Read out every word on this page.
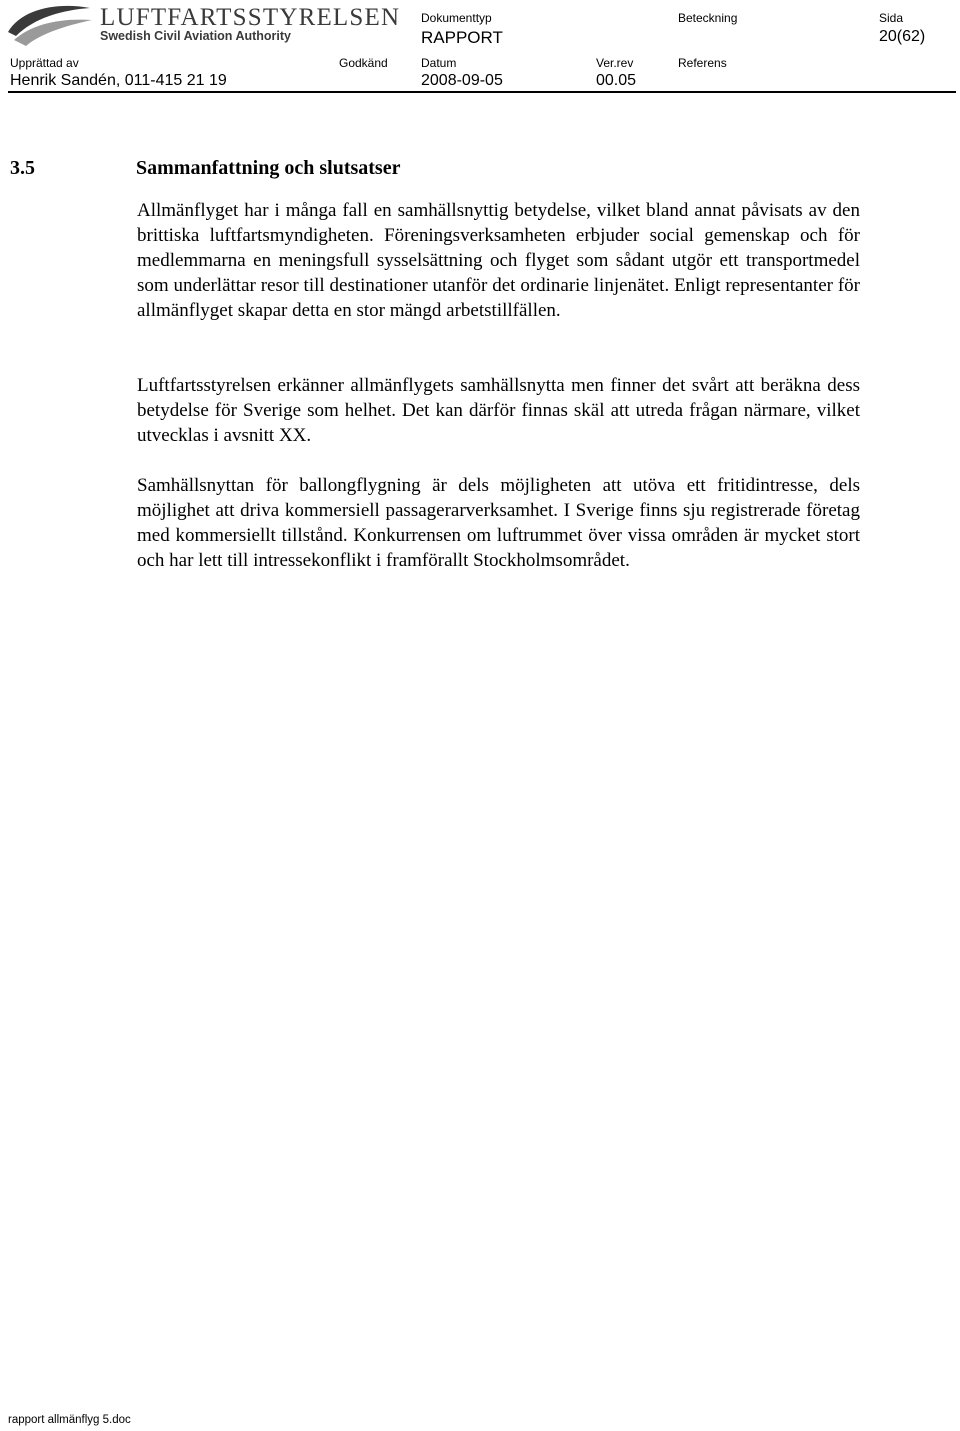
LUFTFARTSSTYRELSEN
Swedish Civil Aviation Authority
Dokumenttyp
RAPPORT
Beteckning	Sida
20(62)
Upprättad av
Henrik Sandén, 011-415 21 19
Godkänd	Datum
2008-09-05
Ver.rev
00.05
Referens
3.5	Sammanfattning och slutsatser

Allmänflyget har i många fall en samhällsnyttig betydelse, vilket bland annat påvisats av den brittiska luftfartsmyndigheten. Föreningsverksamheten erbjuder social gemenskap och för medlemmarna en meningsfull sysselsättning och flyget som sådant utgör ett transportmedel som underlättar resor till destinationer utanför det ordinarie linjenätet. Enligt representanter för allmänflyget skapar detta en stor mängd arbetstillfällen.

Luftfartsstyrelsen erkänner allmänflygets samhällsnytta men finner det svårt att beräkna dess betydelse för Sverige som helhet. Det kan därför finnas skäl att utreda frågan närmare, vilket utvecklas i avsnitt XX.

Samhällsnyttan för ballongflygning är dels möjligheten att utöva ett fritidintresse, dels möjlighet att driva kommersiell passagerarverksamhet. I Sverige finns sju registrerade företag med kommersiellt tillstånd. Konkurrensen om luftrummet över vissa områden är mycket stort och har lett till intressekonflikt i framförallt Stockholmsområdet.

rapport allmänflyg 5.doc
